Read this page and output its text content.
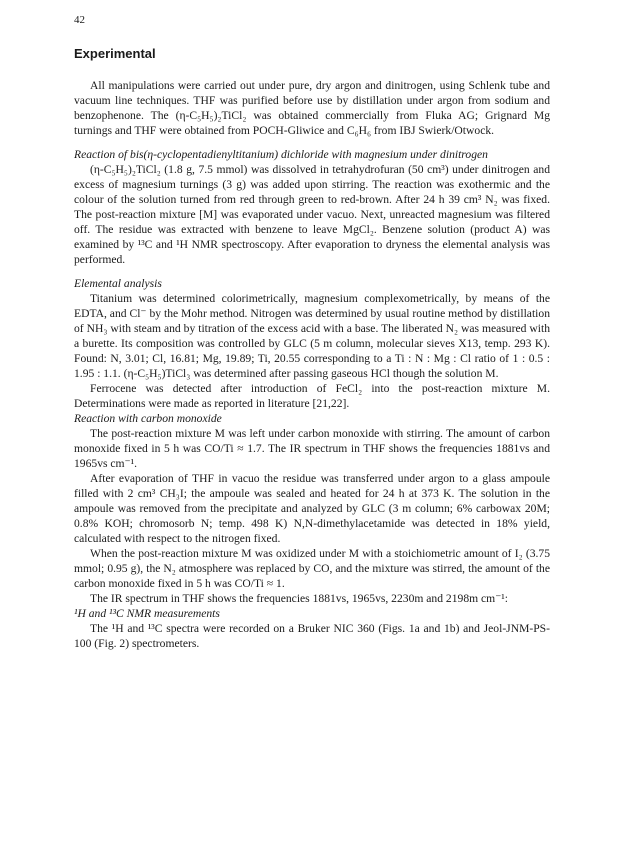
42
Experimental

All manipulations were carried out under pure, dry argon and dinitrogen, using Schlenk tube and vacuum line techniques. THF was purified before use by distillation under argon from sodium and benzophenone. The (η-C₅H₅)₂TiCl₂ was obtained commercially from Fluka AG; Grignard Mg turnings and THF were obtained from POCH-Gliwice and C₆H₆ from IBJ Swierk/Otwock.

Reaction of bis(η-cyclopentadienyltitanium) dichloride with magnesium under dinitrogen

(η-C₅H₅)₂TiCl₂ (1.8 g, 7.5 mmol) was dissolved in tetrahydrofuran (50 cm³) under dinitrogen and excess of magnesium turnings (3 g) was added upon stirring. The reaction was exothermic and the colour of the solution turned from red through green to red-brown. After 24 h 39 cm³ N₂ was fixed. The post-reaction mixture [M] was evaporated under vacuo. Next, unreacted magnesium was filtered off. The residue was extracted with benzene to leave MgCl₂. Benzene solution (product A) was examined by ¹³C and ¹H NMR spectroscopy. After evaporation to dryness the elemental analysis was performed.

Elemental analysis

Titanium was determined colorimetrically, magnesium complexometrically, by means of the EDTA, and Cl⁻ by the Mohr method. Nitrogen was determined by usual routine method by distillation of NH₃ with steam and by titration of the excess acid with a base. The liberated N₂ was measured with a burette. Its composition was controlled by GLC (5 m column, molecular sieves X13, temp. 293 K). Found: N, 3.01; Cl, 16.81; Mg, 19.89; Ti, 20.55 corresponding to a Ti : N : Mg : Cl ratio of 1 : 0.5 : 1.95 : 1.1. (η-C₅H₅)TiCl₃ was determined after passing gaseous HCl though the solution M.

Ferrocene was detected after introduction of FeCl₂ into the post-reaction mixture M. Determinations were made as reported in literature [21,22].

Reaction with carbon monoxide

The post-reaction mixture M was left under carbon monoxide with stirring. The amount of carbon monoxide fixed in 5 h was CO/Ti ≈ 1.7. The IR spectrum in THF shows the frequencies 1881vs and 1965vs cm⁻¹.

After evaporation of THF in vacuo the residue was transferred under argon to a glass ampoule filled with 2 cm³ CH₃I; the ampoule was sealed and heated for 24 h at 373 K. The solution in the ampoule was removed from the precipitate and analyzed by GLC (3 m column; 6% carbowax 20M; 0.8% KOH; chromosorb N; temp. 498 K) N,N-dimethylacetamide was detected in 18% yield, calculated with respect to the nitrogen fixed.

When the post-reaction mixture M was oxidized under M with a stoichiometric amount of I₂ (3.75 mmol; 0.95 g), the N₂ atmosphere was replaced by CO, and the mixture was stirred, the amount of the carbon monoxide fixed in 5 h was CO/Ti ≈ 1.

The IR spectrum in THF shows the frequencies 1881vs, 1965vs, 2230m and 2198m cm⁻¹:

¹H and ¹³C NMR measurements

The ¹H and ¹³C spectra were recorded on a Bruker NIC 360 (Figs. 1a and 1b) and Jeol-JNM-PS-100 (Fig. 2) spectrometers.
